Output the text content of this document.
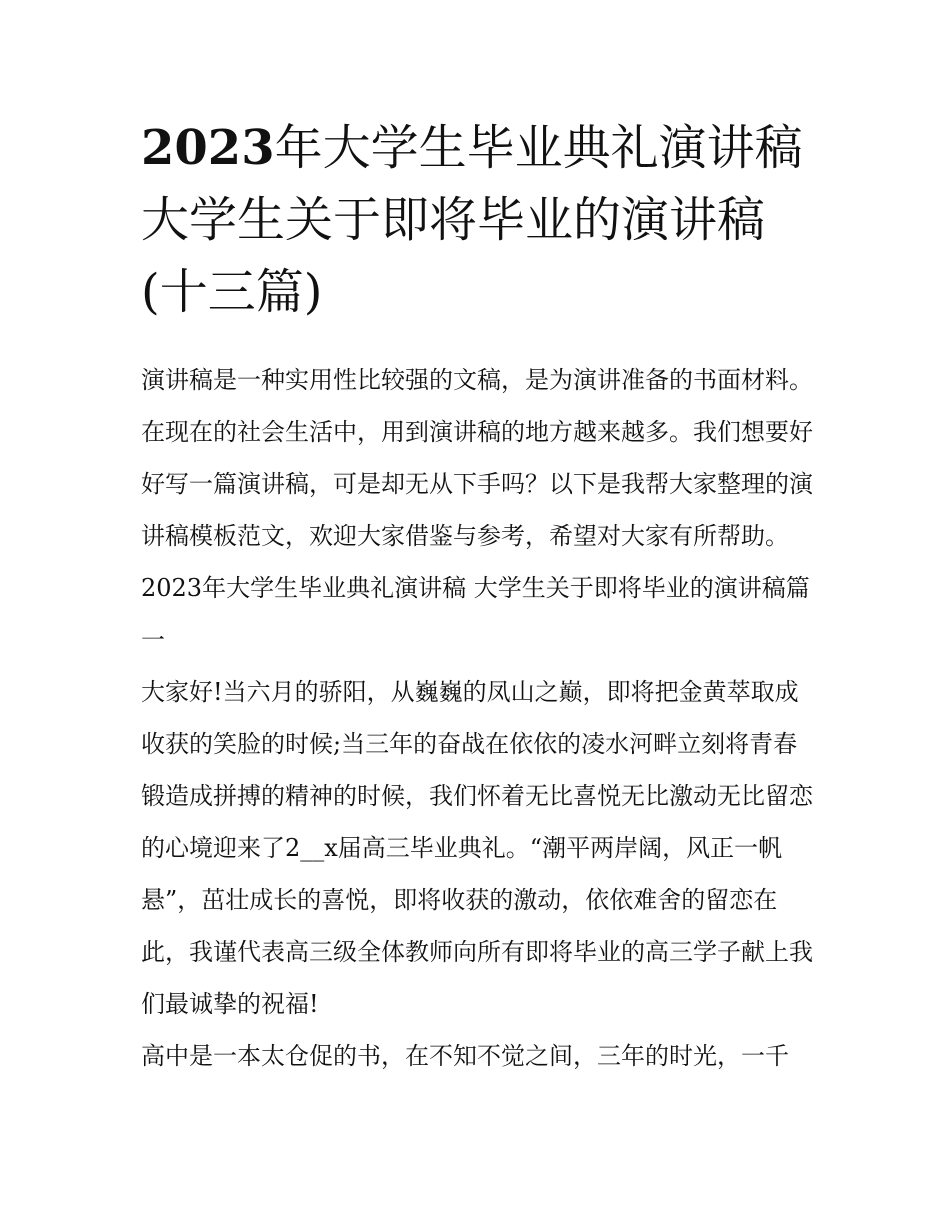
2023年大学生毕业典礼演讲稿大学生关于即将毕业的演讲稿(十三篇)

演讲稿是一种实用性比较强的文稿，是为演讲准备的书面材料。在现在的社会生活中，用到演讲稿的地方越来越多。我们想要好好写一篇演讲稿，可是却无从下手吗？以下是我帮大家整理的演讲稿模板范文，欢迎大家借鉴与参考，希望对大家有所帮助。

2023年大学生毕业典礼演讲稿 大学生关于即将毕业的演讲稿篇一

大家好!当六月的骄阳，从巍巍的凤山之巅，即将把金黄萃取成收获的笑脸的时候;当三年的奋战在依依的凌水河畔立刻将青春锻造成拼搏的精神的时候，我们怀着无比喜悦无比激动无比留恋的心境迎来了2__x届高三毕业典礼。“潮平两岸阔，风正一帆悬”，茁壮成长的喜悦，即将收获的激动，依依难舍的留恋在此，我谨代表高三级全体教师向所有即将毕业的高三学子献上我们最诚挚的祝福!

高中是一本太仓促的书，在不知不觉之间，三年的时光，一千
